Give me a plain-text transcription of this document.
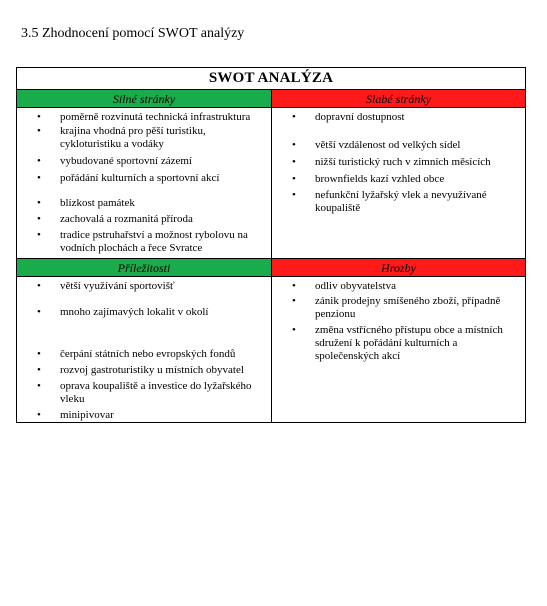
3.5 Zhodnocení pomocí SWOT analýzy
SWOT ANALÝZA
Silné stránky	Slabé stránky
• poměrně rozvinutá technická infrastruktura
• krajina vhodná pro pěší turistiku, cykloturistiku a vodáky
• vybudované sportovní zázemí
• pořádání kulturních a sportovní akcí
• blízkost památek
• zachovalá a rozmanitá příroda
• tradice pstruhařství a možnost rybolovu na vodních plochách a řece Svratce
• dopravní dostupnost
• větší vzdálenost od velkých sídel
• nižší turistický ruch v zimních měsících
• brownfields kazí vzhled obce
• nefunkční lyžařský vlek a nevyužívané koupaliště
Příležitosti	Hrozby
• větší využívání sportovišť
• mnoho zajímavých lokalit v okolí
• čerpání státních nebo evropských fondů
• rozvoj gastroturistiky u místních obyvatel
• oprava koupaliště a investice do lyžařského vleku
• minipivovar
• odliv obyvatelstva
• zánik prodejny smíšeného zboží, případně penzionu
• změna vstřícného přístupu obce a místních sdružení k pořádání kulturních a společenských akcí
